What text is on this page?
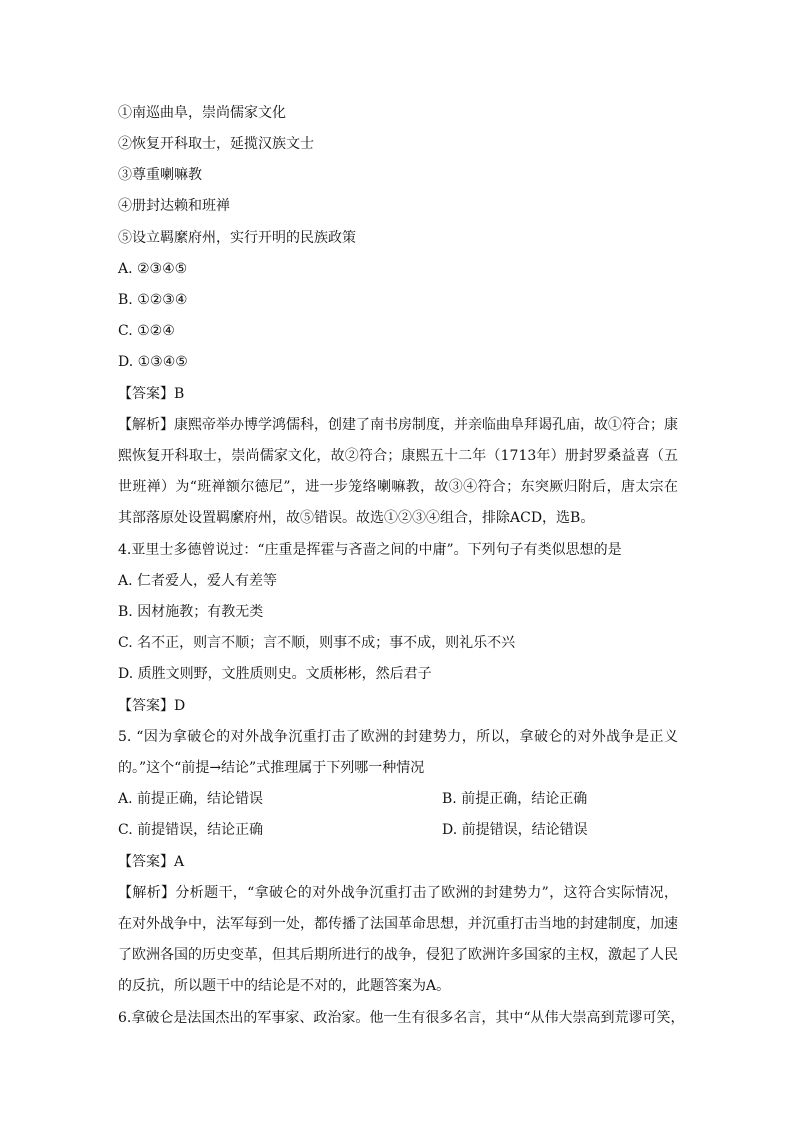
①南巡曲阜，崇尚儒家文化
②恢复开科取士，延揽汉族文士
③尊重喇嘛教
④册封达赖和班禅
⑤设立羁縻府州，实行开明的民族政策
A. ②③④⑤
B. ①②③④
C. ①②④
D. ①③④⑤
【答案】B
【解析】康熙帝举办博学鸿儒科，创建了南书房制度，并亲临曲阜拜谒孔庙，故①符合；康
熙恢复开科取士，崇尚儒家文化，故②符合；康熙五十二年（1713年）册封罗桑益喜（五
世班禅）为“班禅额尔德尼”，进一步笼络喇嘛教，故③④符合；东突厥归附后，唐太宗在
其部落原处设置羁縻府州，故⑤错误。故选①②③④组合，排除ACD，选B。
4.亚里士多德曾说过：“庄重是挥霍与吝啬之间的中庸”。下列句子有类似思想的是
A. 仁者爱人，爱人有差等
B. 因材施教；有教无类
C. 名不正，则言不顺；言不顺，则事不成；事不成，则礼乐不兴
D. 质胜文则野，文胜质则史。文质彬彬，然后君子
【答案】D
5. “因为拿破仑的对外战争沉重打击了欧洲的封建势力，所以，拿破仑的对外战争是正义
的。”这个“前提→结论”式推理属于下列哪一种情况
A. 前提正确，结论错误	B. 前提正确，结论正确
C. 前提错误，结论正确	D. 前提错误，结论错误
【答案】A
【解析】分析题干，“拿破仑的对外战争沉重打击了欧洲的封建势力”，这符合实际情况，
在对外战争中，法军每到一处，都传播了法国革命思想，并沉重打击当地的封建制度，加速
了欧洲各国的历史变革，但其后期所进行的战争，侵犯了欧洲许多国家的主权，激起了人民
的反抗，所以题干中的结论是不对的，此题答案为A。
6.拿破仑是法国杰出的军事家、政治家。他一生有很多名言，其中“从伟大崇高到荒谬可笑，
